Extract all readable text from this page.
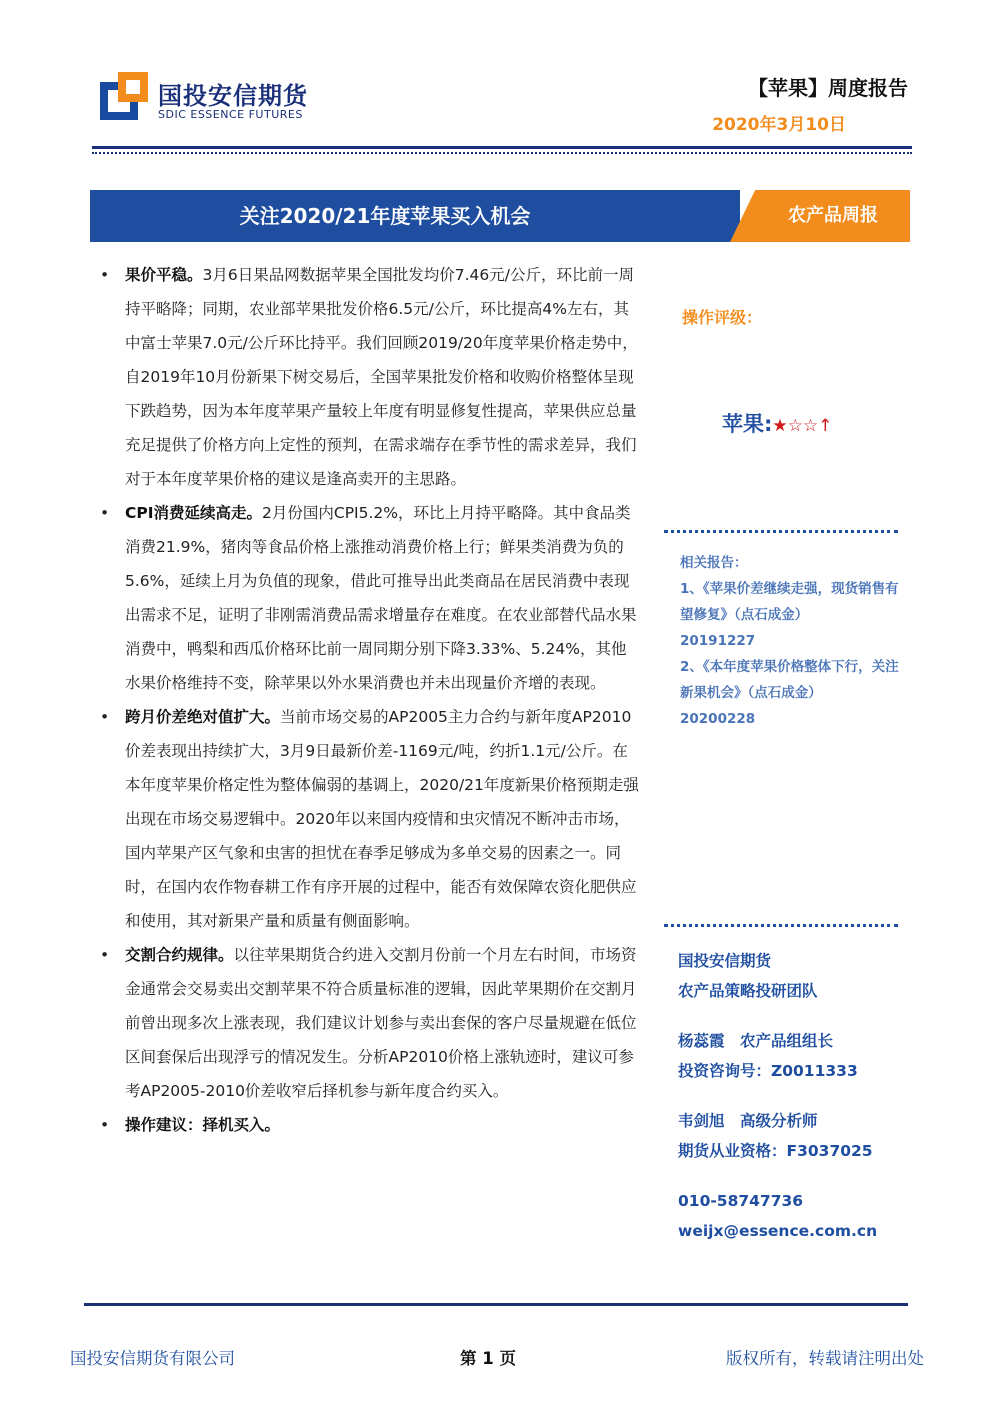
国投安信期货
SDIC ESSENCE FUTURES
【苹果】周度报告
2020年3月10日
关注2020/21年度苹果买入机会	农产品周报

•	果价平稳。3月6日果品网数据苹果全国批发均价7.46元/公斤，环比前一周持平略降；同期，农业部苹果批发价格6.5元/公斤，环比提高4%左右，其中富士苹果7.0元/公斤环比持平。我们回顾2019/20年度苹果价格走势中，自2019年10月份新果下树交易后，全国苹果批发价格和收购价格整体呈现下跌趋势，因为本年度苹果产量较上年度有明显修复性提高，苹果供应总量充足提供了价格方向上定性的预判，在需求端存在季节性的需求差异，我们对于本年度苹果价格的建议是逢高卖开的主思路。

•	CPI消费延续高走。2月份国内CPI5.2%，环比上月持平略降。其中食品类消费21.9%，猪肉等食品价格上涨推动消费价格上行；鲜果类消费为负的5.6%，延续上月为负值的现象，借此可推导出此类商品在居民消费中表现出需求不足，证明了非刚需消费品需求增量存在难度。在农业部替代品水果消费中，鸭梨和西瓜价格环比前一周同期分别下降3.33%、5.24%，其他水果价格维持不变，除苹果以外水果消费也并未出现量价齐增的表现。

•	跨月价差绝对值扩大。当前市场交易的AP2005主力合约与新年度AP2010价差表现出持续扩大，3月9日最新价差-1169元/吨，约折1.1元/公斤。在本年度苹果价格定性为整体偏弱的基调上，2020/21年度新果价格预期走强出现在市场交易逻辑中。2020年以来国内疫情和虫灾情况不断冲击市场，国内苹果产区气象和虫害的担忧在春季足够成为多单交易的因素之一。同时，在国内农作物春耕工作有序开展的过程中，能否有效保障农资化肥供应和使用，其对新果产量和质量有侧面影响。

•	交割合约规律。以往苹果期货合约进入交割月份前一个月左右时间，市场资金通常会交易卖出交割苹果不符合质量标准的逻辑，因此苹果期价在交割月前曾出现多次上涨表现，我们建议计划参与卖出套保的客户尽量规避在低位区间套保后出现浮亏的情况发生。分析AP2010价格上涨轨迹时，建议可参考AP2005-2010价差收窄后择机参与新年度合约买入。

•	操作建议：择机买入。

操作评级：
苹果:★☆☆↑
相关报告：
1、《苹果价差继续走强，现货销售有望修复》（点石成金）
20191227
2、《本年度苹果价格整体下行，关注新果机会》（点石成金）
20200228

国投安信期货

农产品策略投研团队

杨蕊霞　农产品组组长

投资咨询号：Z0011333

韦剑旭　高级分析师

期货从业资格：F3037025

010-58747736

weijx@essence.com.cn

国投安信期货有限公司	第 1 页	版权所有，转载请注明出处
